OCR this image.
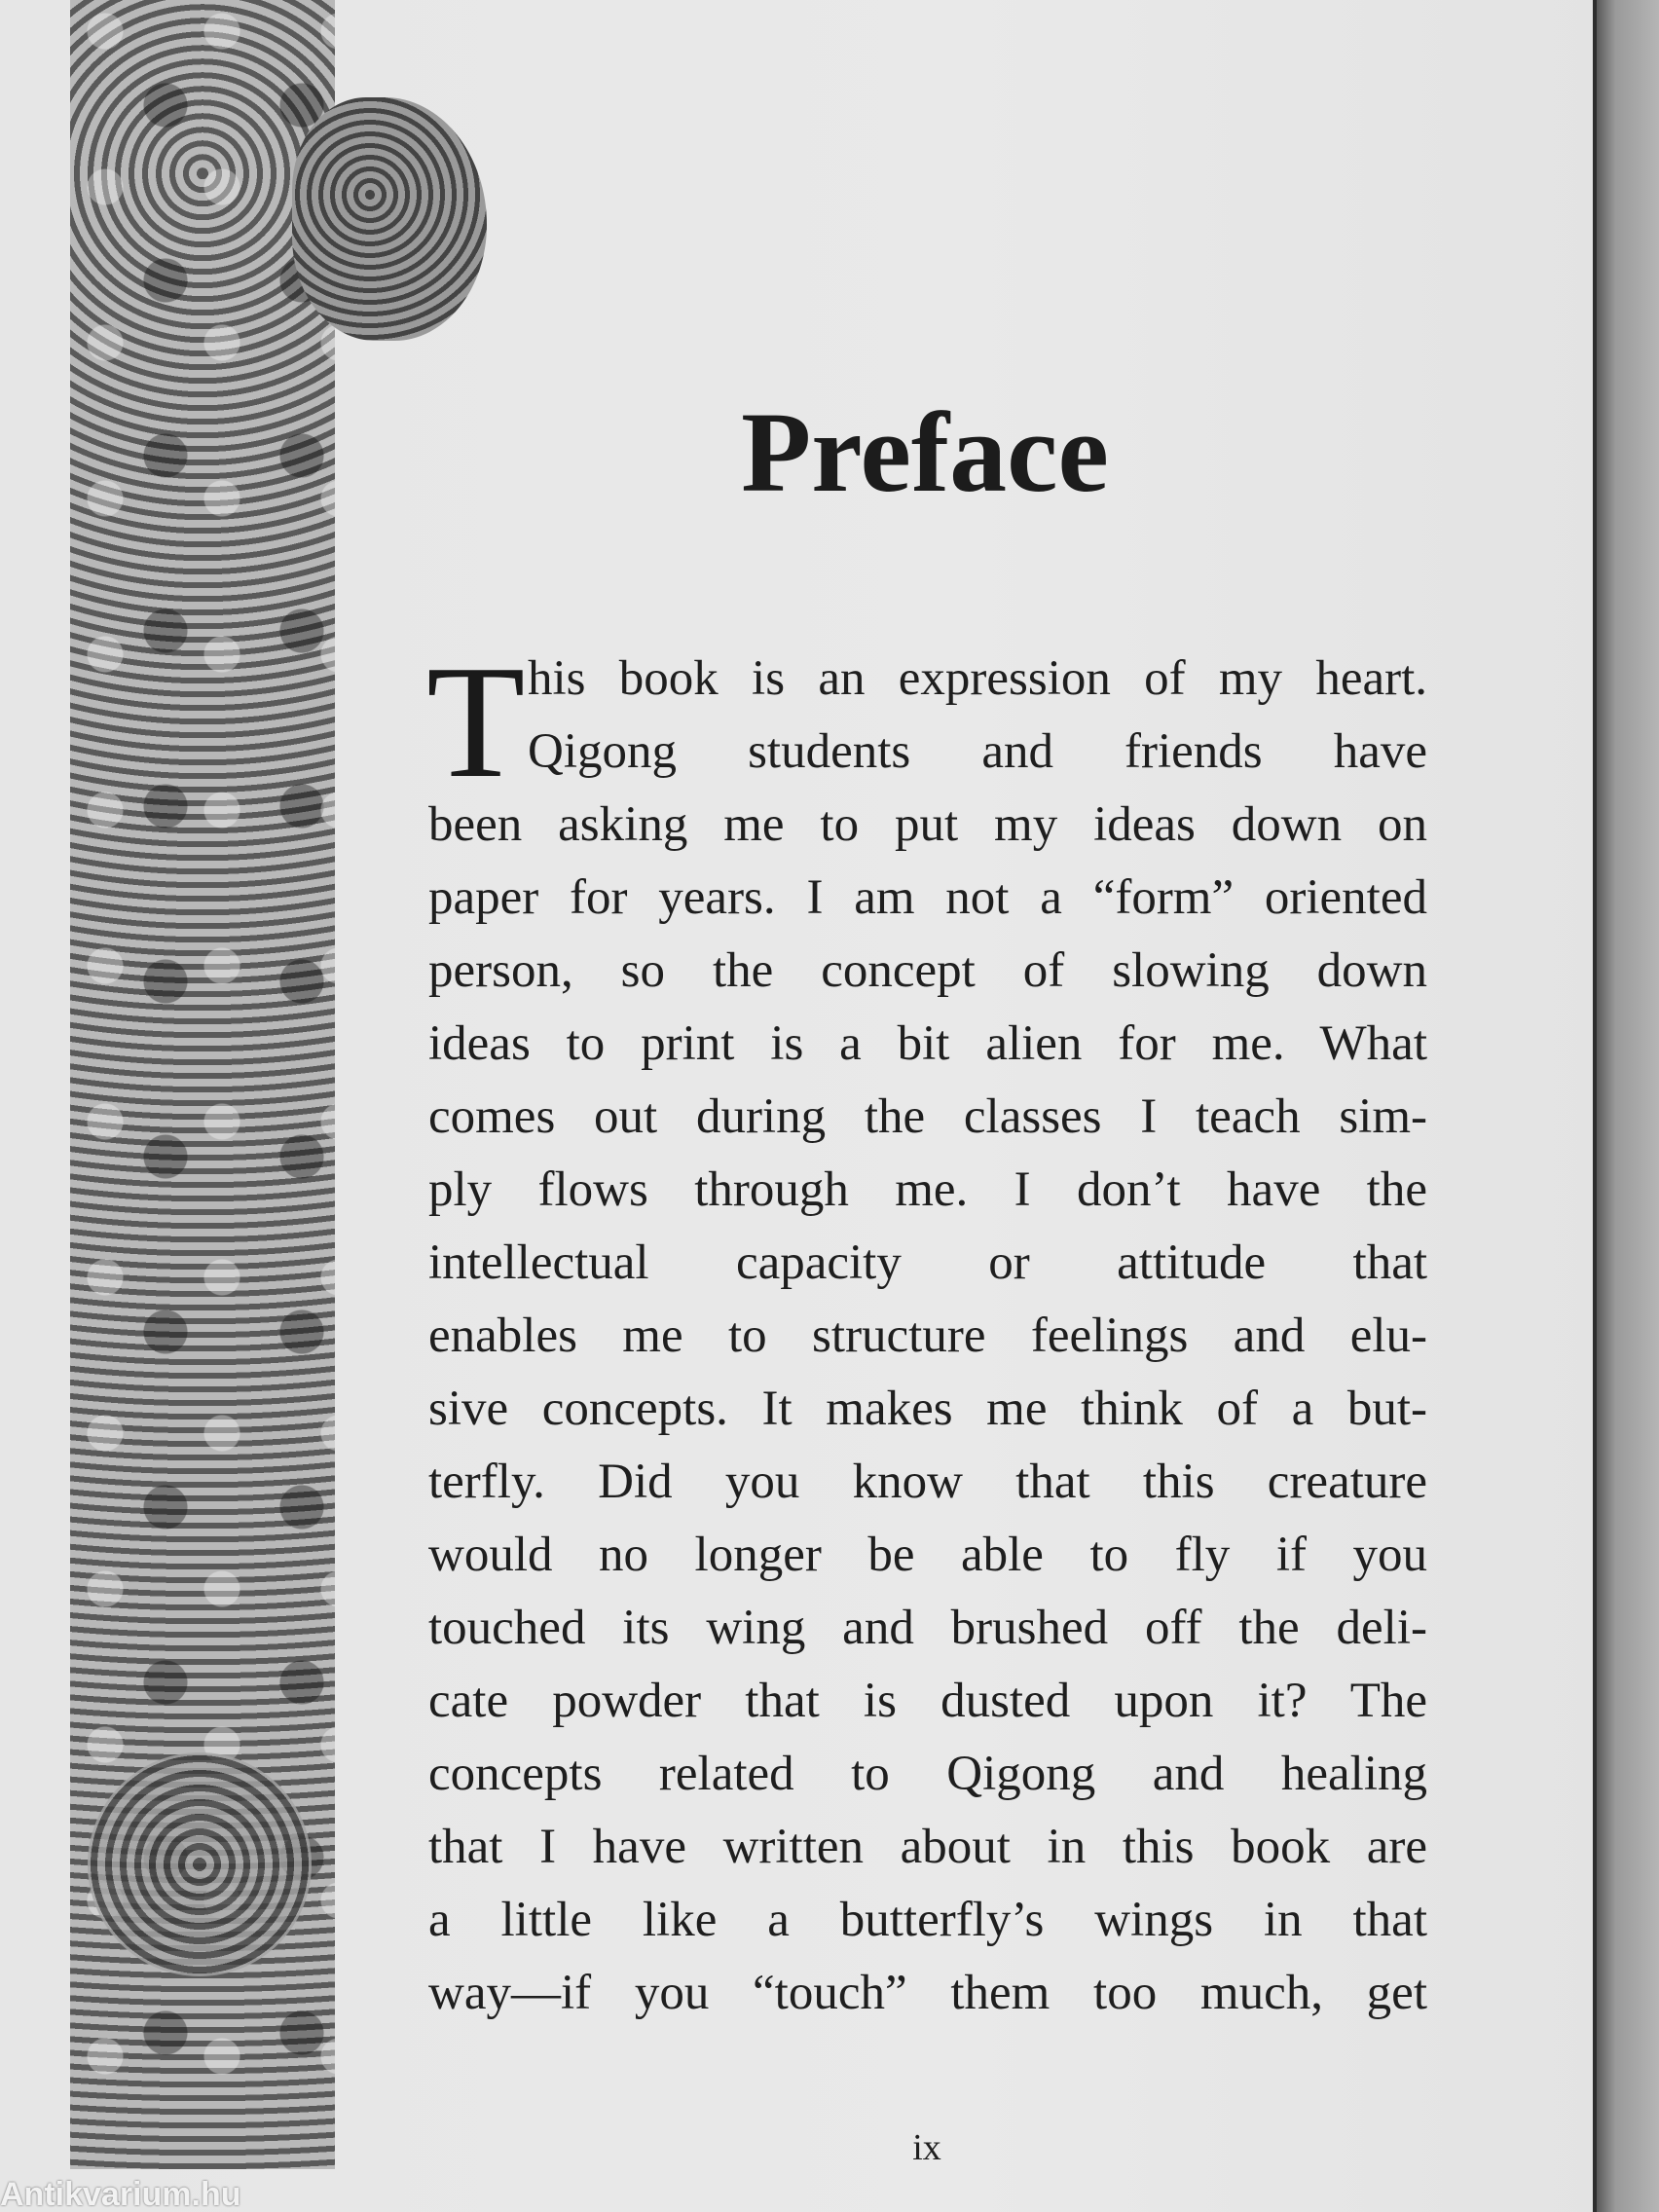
Preface
T his book is an expression of my heart.
Qigong students and friends have
been asking me to put my ideas down on
paper for years. I am not a “form” oriented
person, so the concept of slowing down
ideas to print is a bit alien for me. What
comes out during the classes I teach sim-
ply flows through me. I don’t have the
intellectual capacity or attitude that
enables me to structure feelings and elu-
sive concepts. It makes me think of a but-
terfly. Did you know that this creature
would no longer be able to fly if you
touched its wing and brushed off the deli-
cate powder that is dusted upon it? The
concepts related to Qigong and healing
that I have written about in this book are
a little like a butterfly’s wings in that
way—if you “touch” them too much, get
ix
Antikvarium.hu
